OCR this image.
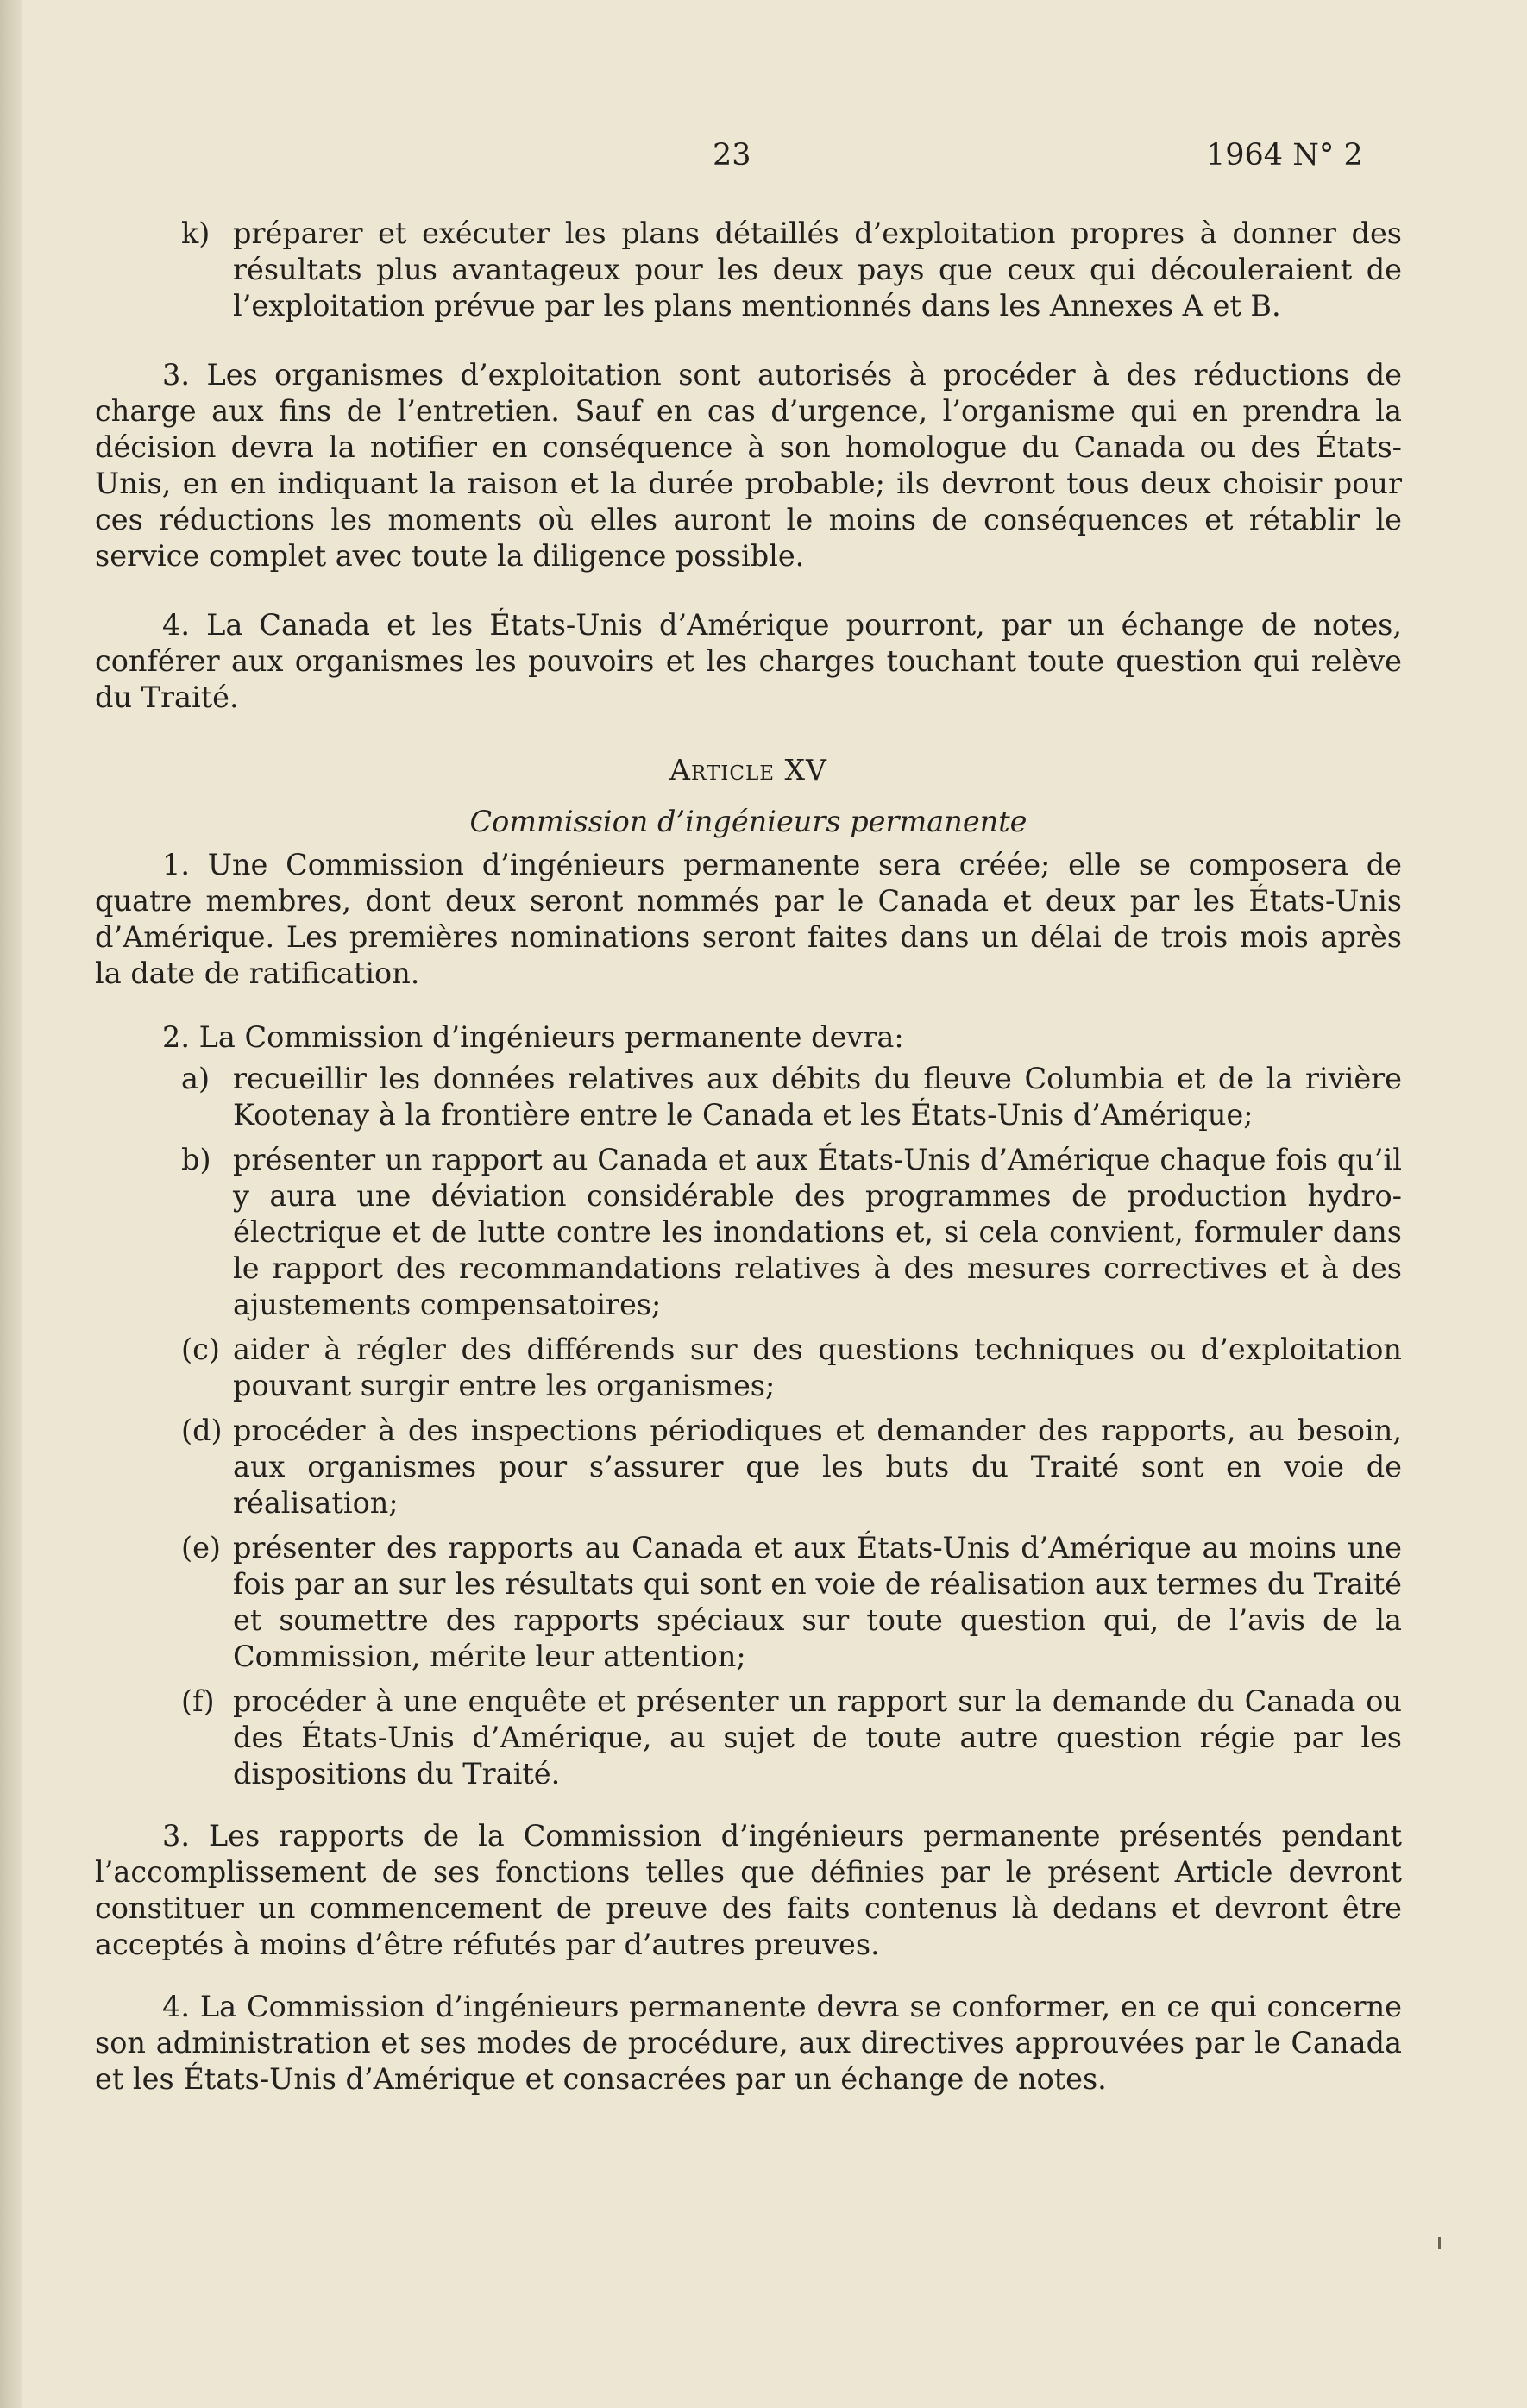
23	1964 N° 2
k) préparer et exécuter les plans détaillés d’exploitation propres à donner des résultats plus avantageux pour les deux pays que ceux qui découleraient de l’exploitation prévue par les plans mentionnés dans les Annexes A et B.

3. Les organismes d’exploitation sont autorisés à procéder à des réductions de charge aux fins de l’entretien. Sauf en cas d’urgence, l’organisme qui en prendra la décision devra la notifier en conséquence à son homologue du Canada ou des États-Unis, en en indiquant la raison et la durée probable; ils devront tous deux choisir pour ces réductions les moments où elles auront le moins de conséquences et rétablir le service complet avec toute la diligence possible.

4. La Canada et les États-Unis d’Amérique pourront, par un échange de notes, conférer aux organismes les pouvoirs et les charges touchant toute question qui relève du Traité.

Article XV
Commission d’ingénieurs permanente

1. Une Commission d’ingénieurs permanente sera créée; elle se composera de quatre membres, dont deux seront nommés par le Canada et deux par les États-Unis d’Amérique. Les premières nominations seront faites dans un délai de trois mois après la date de ratification.

2. La Commission d’ingénieurs permanente devra:

a) recueillir les données relatives aux débits du fleuve Columbia et de la rivière Kootenay à la frontière entre le Canada et les États-Unis d’Amérique;
b) présenter un rapport au Canada et aux États-Unis d’Amérique chaque fois qu’il y aura une déviation considérable des programmes de production hydro-électrique et de lutte contre les inondations et, si cela convient, formuler dans le rapport des recommandations relatives à des mesures correctives et à des ajustements compensatoires;
(c) aider à régler des différends sur des questions techniques ou d’exploitation pouvant surgir entre les organismes;
(d) procéder à des inspections périodiques et demander des rapports, au besoin, aux organismes pour s’assurer que les buts du Traité sont en voie de réalisation;
(e) présenter des rapports au Canada et aux États-Unis d’Amérique au moins une fois par an sur les résultats qui sont en voie de réalisation aux termes du Traité et soumettre des rapports spéciaux sur toute question qui, de l’avis de la Commission, mérite leur attention;
(f) procéder à une enquête et présenter un rapport sur la demande du Canada ou des États-Unis d’Amérique, au sujet de toute autre question régie par les dispositions du Traité.

3. Les rapports de la Commission d’ingénieurs permanente présentés pendant l’accomplissement de ses fonctions telles que définies par le présent Article devront constituer un commencement de preuve des faits contenus là dedans et devront être acceptés à moins d’être réfutés par d’autres preuves.

4. La Commission d’ingénieurs permanente devra se conformer, en ce qui concerne son administration et ses modes de procédure, aux directives approuvées par le Canada et les États-Unis d’Amérique et consacrées par un échange de notes.
